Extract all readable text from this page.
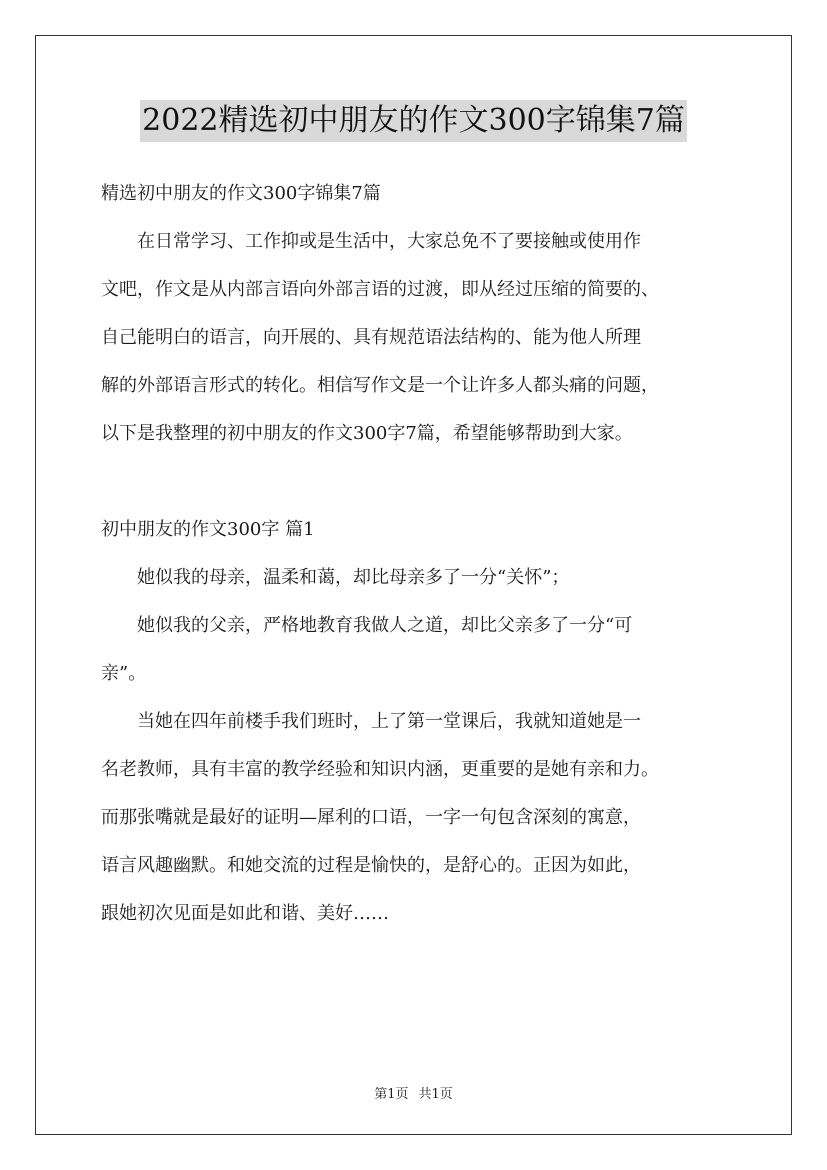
2022精选初中朋友的作文300字锦集7篇
精选初中朋友的作文300字锦集7篇
　　在日常学习、工作抑或是生活中，大家总免不了要接触或使用作
文吧，作文是从内部言语向外部言语的过渡，即从经过压缩的简要的、
自己能明白的语言，向开展的、具有规范语法结构的、能为他人所理
解的外部语言形式的转化。相信写作文是一个让许多人都头痛的问题，
以下是我整理的初中朋友的作文300字7篇，希望能够帮助到大家。
初中朋友的作文300字 篇1
　　她似我的母亲，温柔和蔼，却比母亲多了一分“关怀”；
　　她似我的父亲，严格地教育我做人之道，却比父亲多了一分“可
亲”。
　　当她在四年前楼手我们班时，上了第一堂课后，我就知道她是一
名老教师，具有丰富的教学经验和知识内涵，更重要的是她有亲和力。
而那张嘴就是最好的证明—犀利的口语，一字一句包含深刻的寓意，
语言风趣幽默。和她交流的过程是愉快的，是舒心的。正因为如此，
跟她初次见面是如此和谐、美好……
第1页 共1页
